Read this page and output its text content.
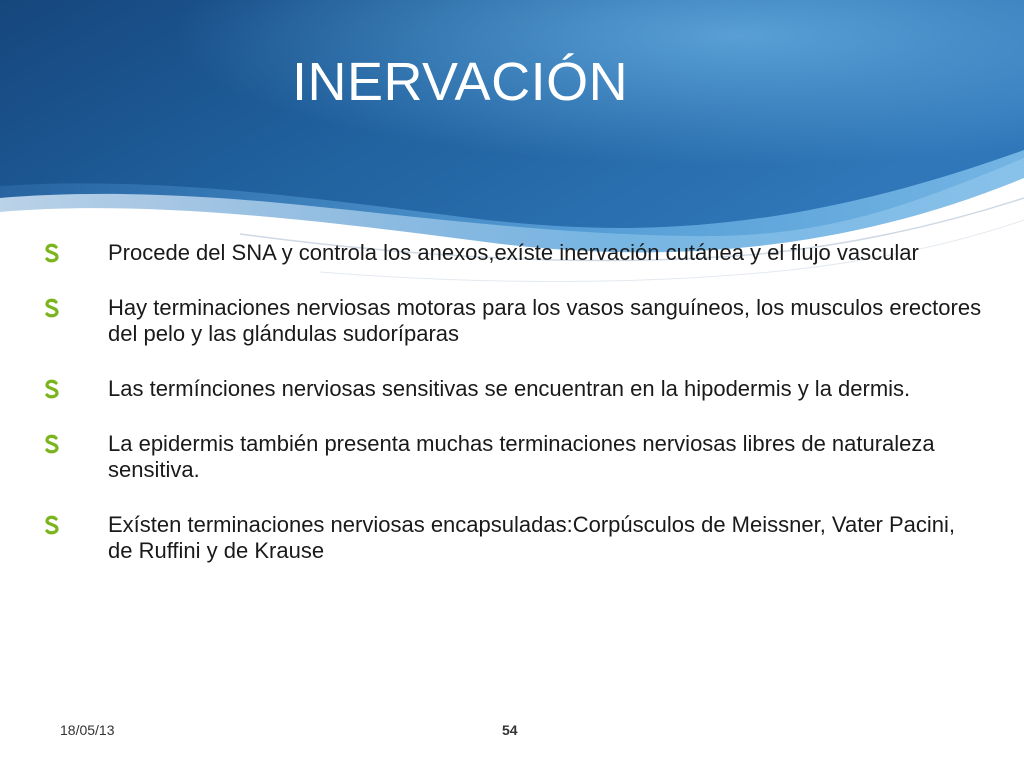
INERVACIÓN
Procede del SNA y controla los anexos,exíste inervación cutánea y el flujo vascular
Hay terminaciones nerviosas motoras para los vasos sanguíneos, los musculos erectores del pelo y las glándulas sudoríparas
Las termínciones nerviosas sensitivas se encuentran en la hipodermis y la dermis.
La epidermis también presenta muchas terminaciones nerviosas libres de naturaleza sensitiva.
Exísten terminaciones nerviosas encapsuladas:Corpúsculos de Meissner, Vater Pacini, de Ruffini y de Krause
18/05/13	54
